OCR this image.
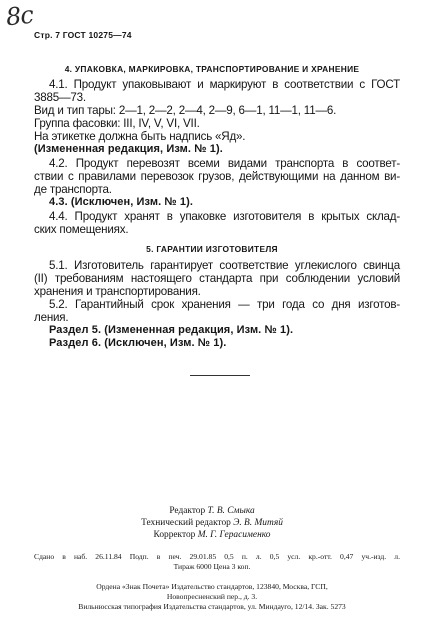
8c
Стр. 7 ГОСТ 10275—74
4. УПАКОВКА, МАРКИРОВКА, ТРАНСПОРТИРОВАНИЕ И ХРАНЕНИЕ
4.1. Продукт упаковывают и маркируют в соответствии с ГОСТ
3885—73.
Вид и тип тары: 2—1, 2—2, 2—4, 2—9, 6—1, 11—1, 11—6.
Группа фасовки: III, IV, V, VI, VII.
На этикетке должна быть надпись «Яд».
(Измененная редакция, Изм. № 1).
4.2. Продукт перевозят всеми видами транспорта в соответ-
ствии с правилами перевозок грузов, действующими на данном ви-
де транспорта.
4.3. (Исключен, Изм. № 1).
4.4. Продукт хранят в упаковке изготовителя в крытых склад-
ских помещениях.
5. ГАРАНТИИ ИЗГОТОВИТЕЛЯ
5.1. Изготовитель гарантирует соответствие углекислого свинца
(II) требованиям настоящего стандарта при соблюдении условий
хранения и транспортирования.
5.2. Гарантийный срок хранения — три года со дня изготов-
ления.
Раздел 5. (Измененная редакция, Изм. № 1).
Раздел 6. (Исключен, Изм. № 1).
Редактор Т. В. Смыка
Технический редактор Э. В. Митяй
Корректор М. Г. Герасименко
Сдано в наб. 26.11.84 Подп. в печ. 29.01.85 0,5 п. л. 0,5 усл. кр.-отт. 0,47 уч.-изд. л.
Тираж 6000 Цена 3 коп.
Ордена «Знак Почета» Издательство стандартов, 123840, Москва, ГСП,
Новопресненский пер., д. 3.
Вильнюсская типография Издательства стандартов, ул. Миндауго, 12/14. Зак. 5273
